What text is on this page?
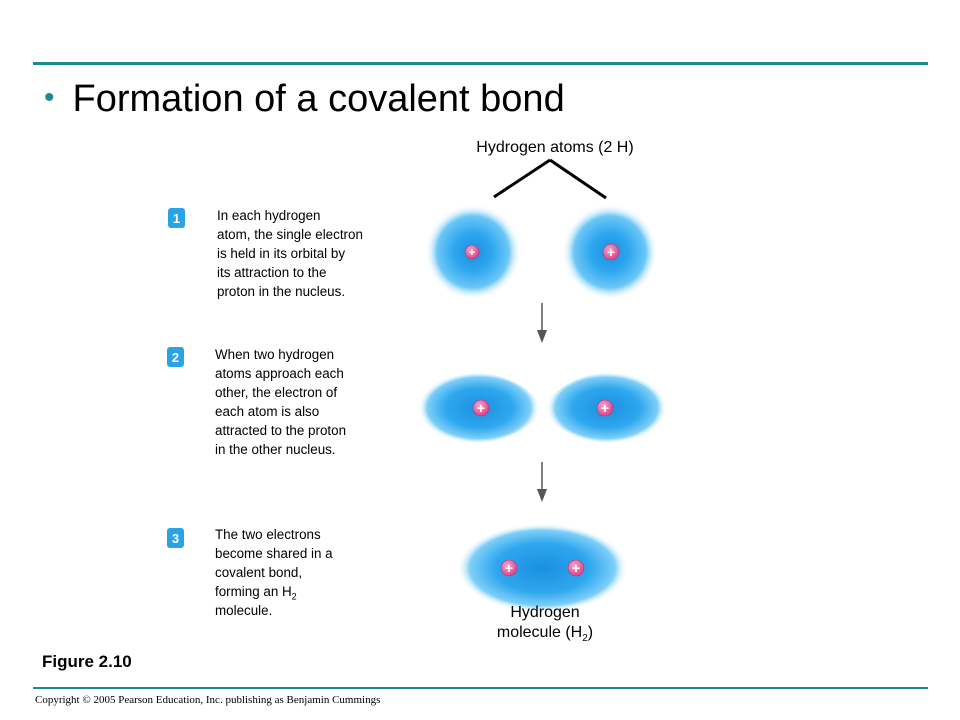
• Formation of a covalent bond
Hydrogen atoms (2 H)
+	+
+	+
+	+
1
2
3
In each hydrogen
atom, the single electron
is held in its orbital by
its attraction to the
proton in the nucleus.
When two hydrogen
atoms approach each
other, the electron of
each atom is also
attracted to the proton
in the other nucleus.
The two electrons
become shared in a
covalent bond,
forming an $H_2$
molecule.	Hydrogen
molecule $(H_2)$
Figure 2.10
Copyright © 2005 Pearson Education, Inc. publishing as Benjamin Cummings
